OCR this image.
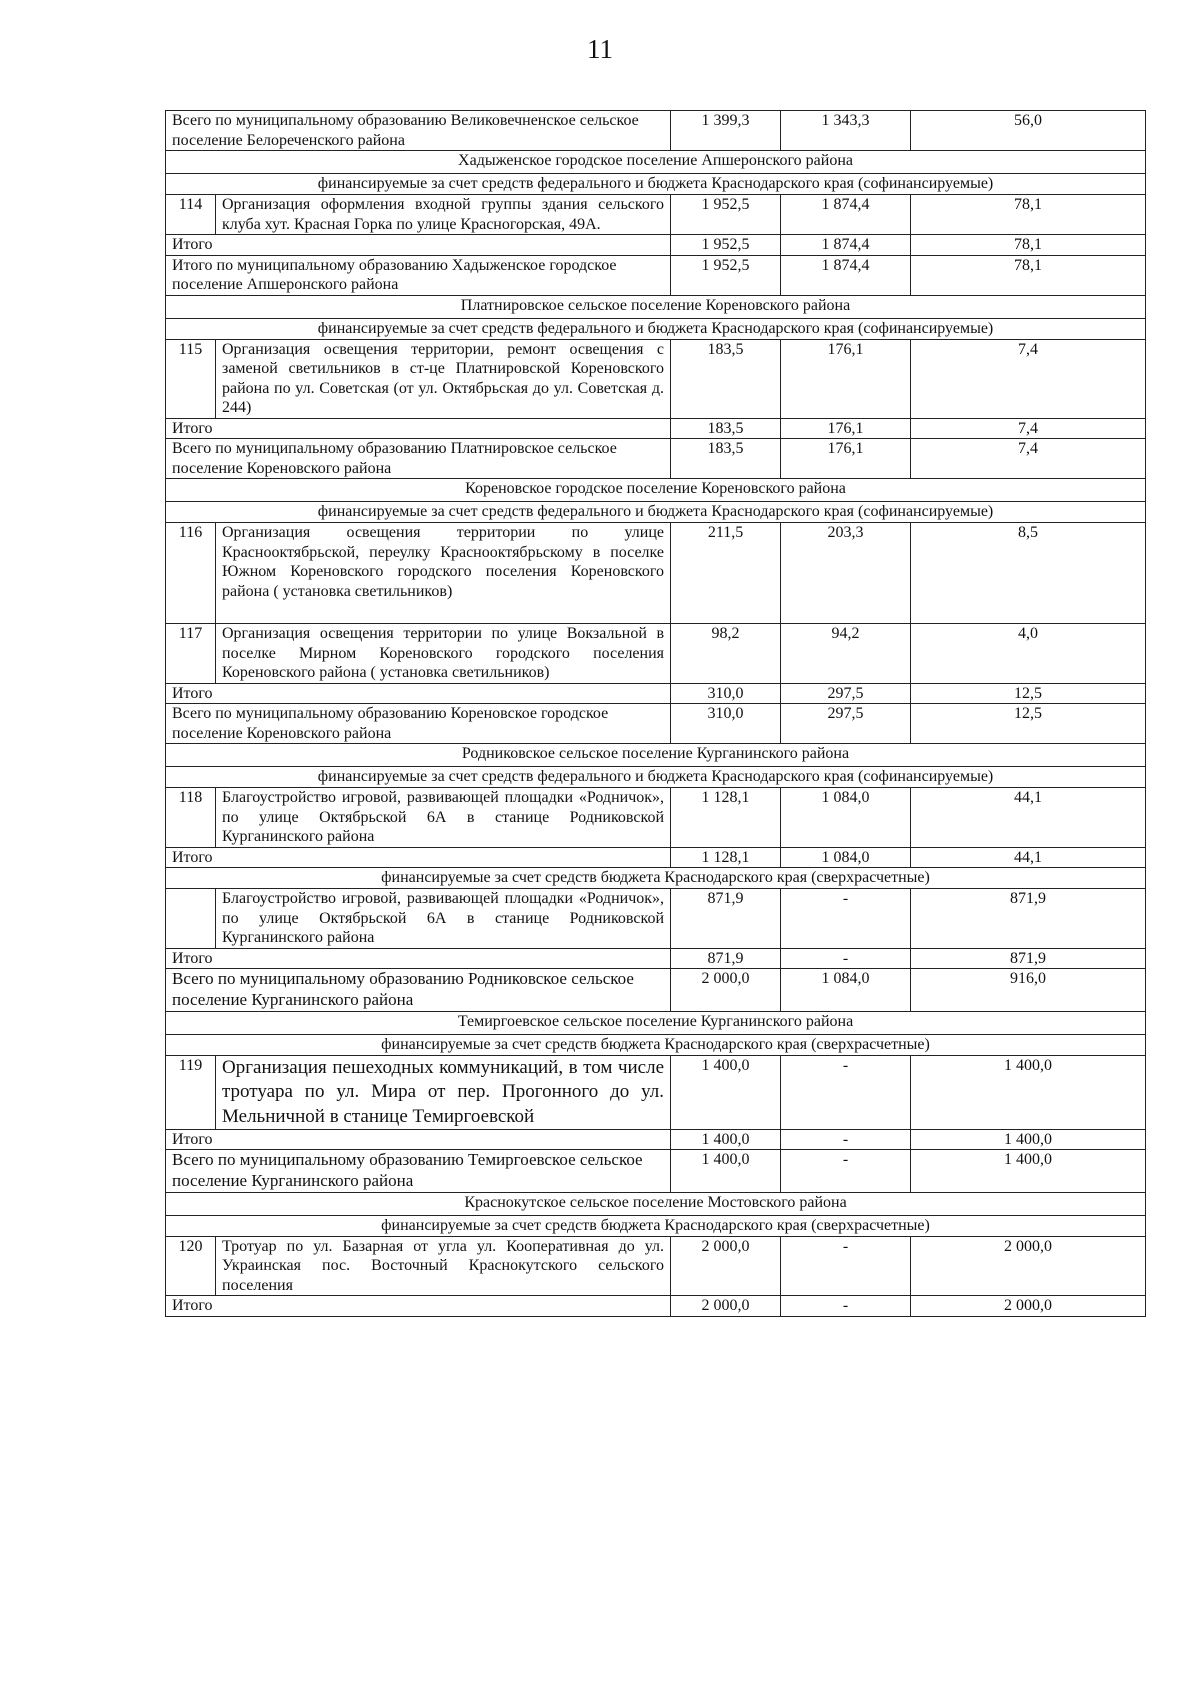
11
Всего по муниципальному образованию Великовечненское сельское поселение Белореченского района		1 399,3	1 343,3	56,0
Хадыженское городское поселение Апшеронского района				
финансируемые за счет средств федерального и бюджета Краснодарского края (софинансируемые)				
114	Организация оформления входной группы здания сельского клуба хут. Красная Горка по улице Красногорская, 49А.	1 952,5	1 874,4	78,1
Итого		1 952,5	1 874,4	78,1
Итого по муниципальному образованию Хадыженское городское поселение Апшеронского района		1 952,5	1 874,4	78,1
Платнировское сельское поселение Кореновского района				
финансируемые за счет средств федерального и бюджета Краснодарского края (софинансируемые)				
115	Организация освещения территории, ремонт освещения с заменой светильников в ст-це Платнировской Кореновского района по ул. Советская (от ул. Октябрьская до ул. Советская д. 244)	183,5	176,1	7,4
Итого		183,5	176,1	7,4
Всего по муниципальному образованию Платнировское сельское поселение Кореновского района		183,5	176,1	7,4
Кореновское городское поселение Кореновского района				
финансируемые за счет средств федерального и бюджета Краснодарского края (софинансируемые)				
116	Организация освещения территории по улице Краснооктябрьской, переулку Краснооктябрьскому в поселке Южном Кореновского городского поселения Кореновского района ( установка светильников)	211,5	203,3	8,5
117	Организация освещения территории по улице Вокзальной в поселке Мирном Кореновского городского поселения Кореновского района ( установка светильников)	98,2	94,2	4,0
Итого		310,0	297,5	12,5
Всего по муниципальному образованию Кореновское городское поселение Кореновского района		310,0	297,5	12,5
Родниковское сельское поселение Курганинского района				
финансируемые за счет средств федерального и бюджета Краснодарского края (софинансируемые)				
118	Благоустройство игровой, развивающей площадки «Родничок», по улице Октябрьской 6А в станице Родниковской Курганинского района	1 128,1	1 084,0	44,1
Итого		1 128,1	1 084,0	44,1
финансируемые за счет средств бюджета Краснодарского края (сверхрасчетные)				
	Благоустройство игровой, развивающей площадки «Родничок», по улице Октябрьской 6А в станице Родниковской Курганинского района	871,9	-	871,9
Итого		871,9	-	871,9
Всего по муниципальному образованию Родниковское сельское поселение Курганинского района		2 000,0	1 084,0	916,0
Темиргоевское сельское поселение Курганинского района				
финансируемые за счет средств бюджета Краснодарского края (сверхрасчетные)				
119	Организация пешеходных коммуникаций, в том числе тротуара по ул. Мира от пер. Прогонного до ул. Мельничной в станице Темиргоевской	1 400,0	-	1 400,0
Итого		1 400,0	-	1 400,0
Всего по муниципальному образованию Темиргоевское сельское поселение Курганинского района		1 400,0	-	1 400,0
Краснокутское сельское поселение Мостовского района				
финансируемые за счет средств бюджета Краснодарского края (сверхрасчетные)				
120	Тротуар по ул. Базарная от угла ул. Кооперативная до ул. Украинская пос. Восточный Краснокутского сельского поселения	2 000,0	-	2 000,0
Итого		2 000,0	-	2 000,0
